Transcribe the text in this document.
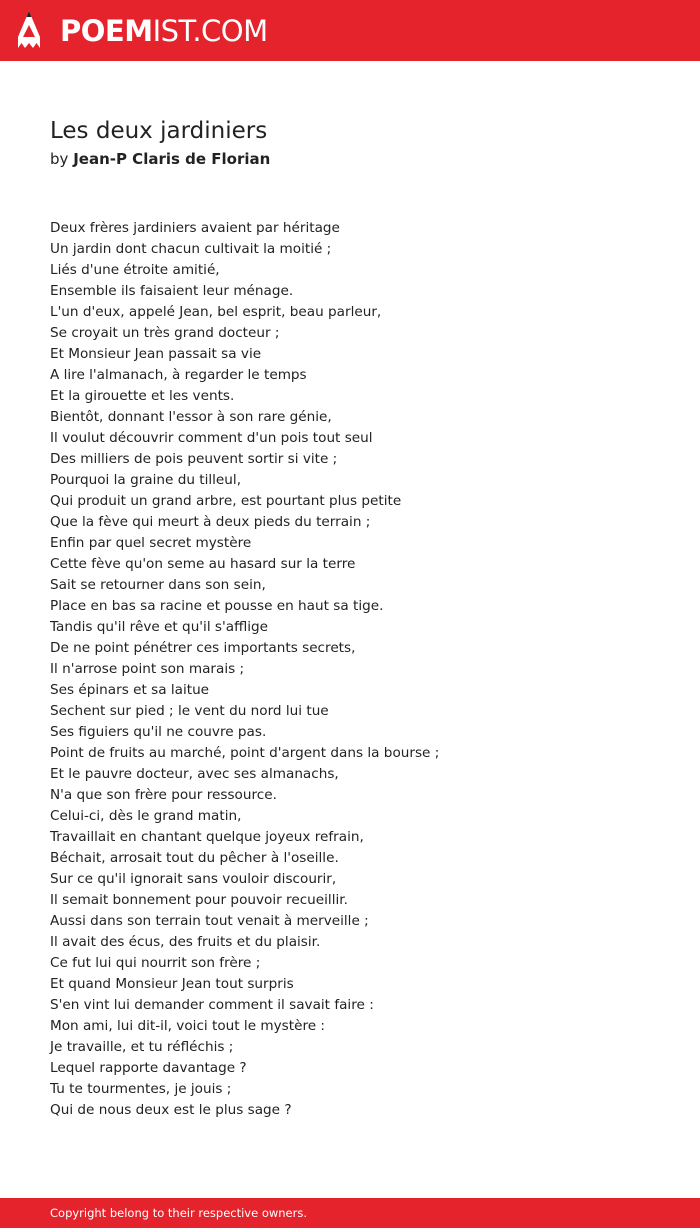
POEMIST.COM
Les deux jardiniers
by Jean-P Claris de Florian
Deux frères jardiniers avaient par héritage
Un jardin dont chacun cultivait la moitié ;
Liés d'une étroite amitié,
Ensemble ils faisaient leur ménage.
L'un d'eux, appelé Jean, bel esprit, beau parleur,
Se croyait un très grand docteur ;
Et Monsieur Jean passait sa vie
A lire l'almanach, à regarder le temps
Et la girouette et les vents.
Bientôt, donnant l'essor à son rare génie,
Il voulut découvrir comment d'un pois tout seul
Des milliers de pois peuvent sortir si vite ;
Pourquoi la graine du tilleul,
Qui produit un grand arbre, est pourtant plus petite
Que la fève qui meurt à deux pieds du terrain ;
Enfin par quel secret mystère
Cette fève qu'on seme au hasard sur la terre
Sait se retourner dans son sein,
Place en bas sa racine et pousse en haut sa tige.
Tandis qu'il rêve et qu'il s'afflige
De ne point pénétrer ces importants secrets,
Il n'arrose point son marais ;
Ses épinars et sa laitue
Sechent sur pied ; le vent du nord lui tue
Ses figuiers qu'il ne couvre pas.
Point de fruits au marché, point d'argent dans la bourse ;
Et le pauvre docteur, avec ses almanachs,
N'a que son frère pour ressource.
Celui-ci, dès le grand matin,
Travaillait en chantant quelque joyeux refrain,
Béchait, arrosait tout du pêcher à l'oseille.
Sur ce qu'il ignorait sans vouloir discourir,
Il semait bonnement pour pouvoir recueillir.
Aussi dans son terrain tout venait à merveille ;
Il avait des écus, des fruits et du plaisir.
Ce fut lui qui nourrit son frère ;
Et quand Monsieur Jean tout surpris
S'en vint lui demander comment il savait faire :
Mon ami, lui dit-il, voici tout le mystère :
Je travaille, et tu réfléchis ;
Lequel rapporte davantage ?
Tu te tourmentes, je jouis ;
Qui de nous deux est le plus sage ?
Copyright belong to their respective owners.
